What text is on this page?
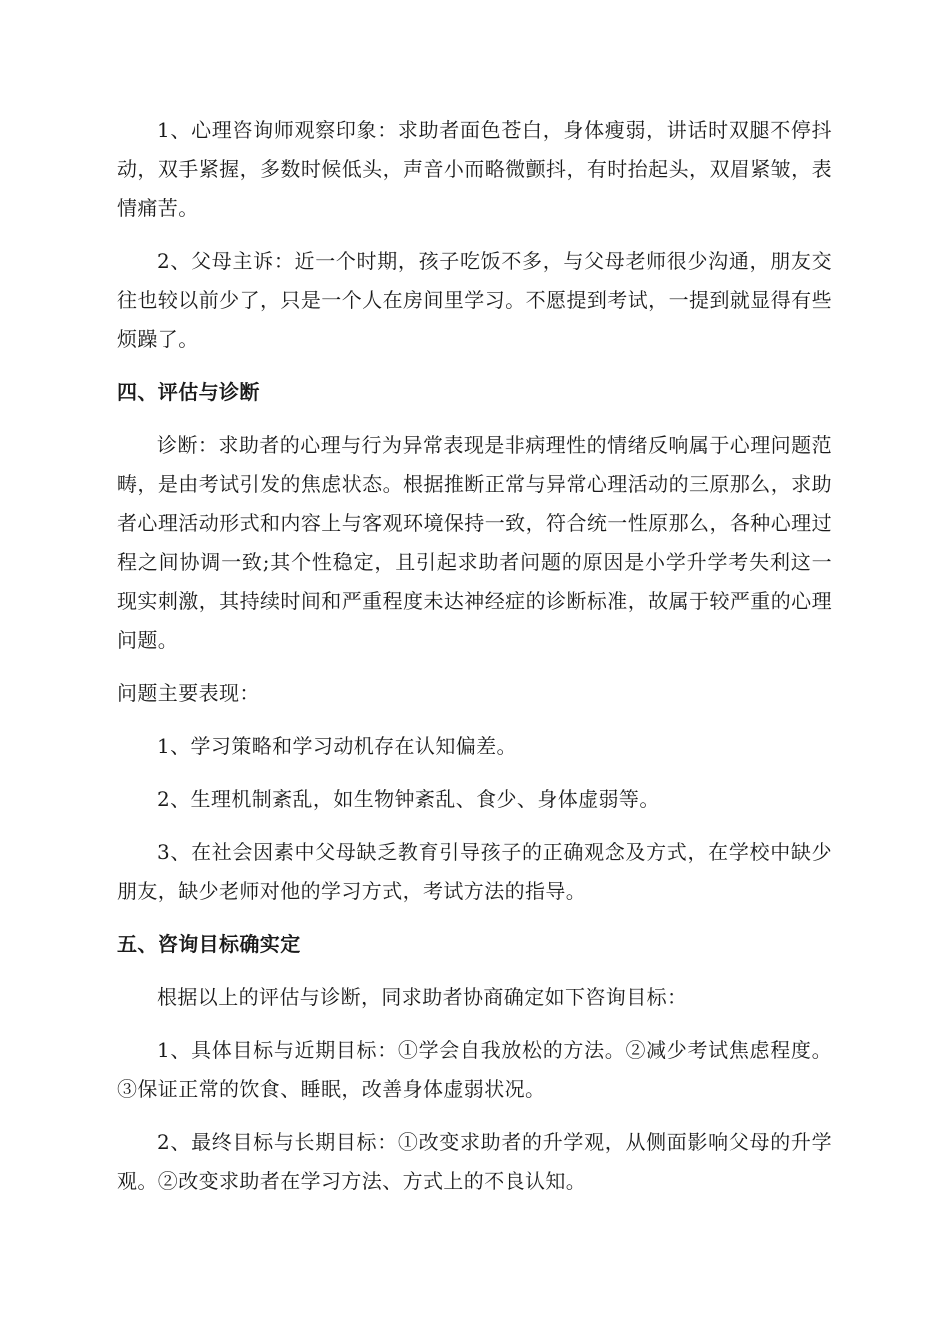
1、心理咨询师观察印象：求助者面色苍白，身体瘦弱，讲话时双腿不停抖动，双手紧握，多数时候低头，声音小而略微颤抖，有时抬起头，双眉紧皱，表情痛苦。

2、父母主诉：近一个时期，孩子吃饭不多，与父母老师很少沟通，朋友交往也较以前少了，只是一个人在房间里学习。不愿提到考试，一提到就显得有些烦躁了。

四、评估与诊断

诊断：求助者的心理与行为异常表现是非病理性的情绪反响属于心理问题范畴，是由考试引发的焦虑状态。根据推断正常与异常心理活动的三原那么，求助者心理活动形式和内容上与客观环境保持一致，符合统一性原那么，各种心理过程之间协调一致;其个性稳定，且引起求助者问题的原因是小学升学考失利这一现实刺激，其持续时间和严重程度未达神经症的诊断标准，故属于较严重的心理问题。

问题主要表现：

1、学习策略和学习动机存在认知偏差。

2、生理机制紊乱，如生物钟紊乱、食少、身体虚弱等。

3、在社会因素中父母缺乏教育引导孩子的正确观念及方式，在学校中缺少朋友，缺少老师对他的学习方式，考试方法的指导。

五、咨询目标确实定

根据以上的评估与诊断，同求助者协商确定如下咨询目标：

1、具体目标与近期目标：①学会自我放松的方法。②减少考试焦虑程度。③保证正常的饮食、睡眠，改善身体虚弱状况。

2、最终目标与长期目标：①改变求助者的升学观，从侧面影响父母的升学观。②改变求助者在学习方法、方式上的不良认知。
